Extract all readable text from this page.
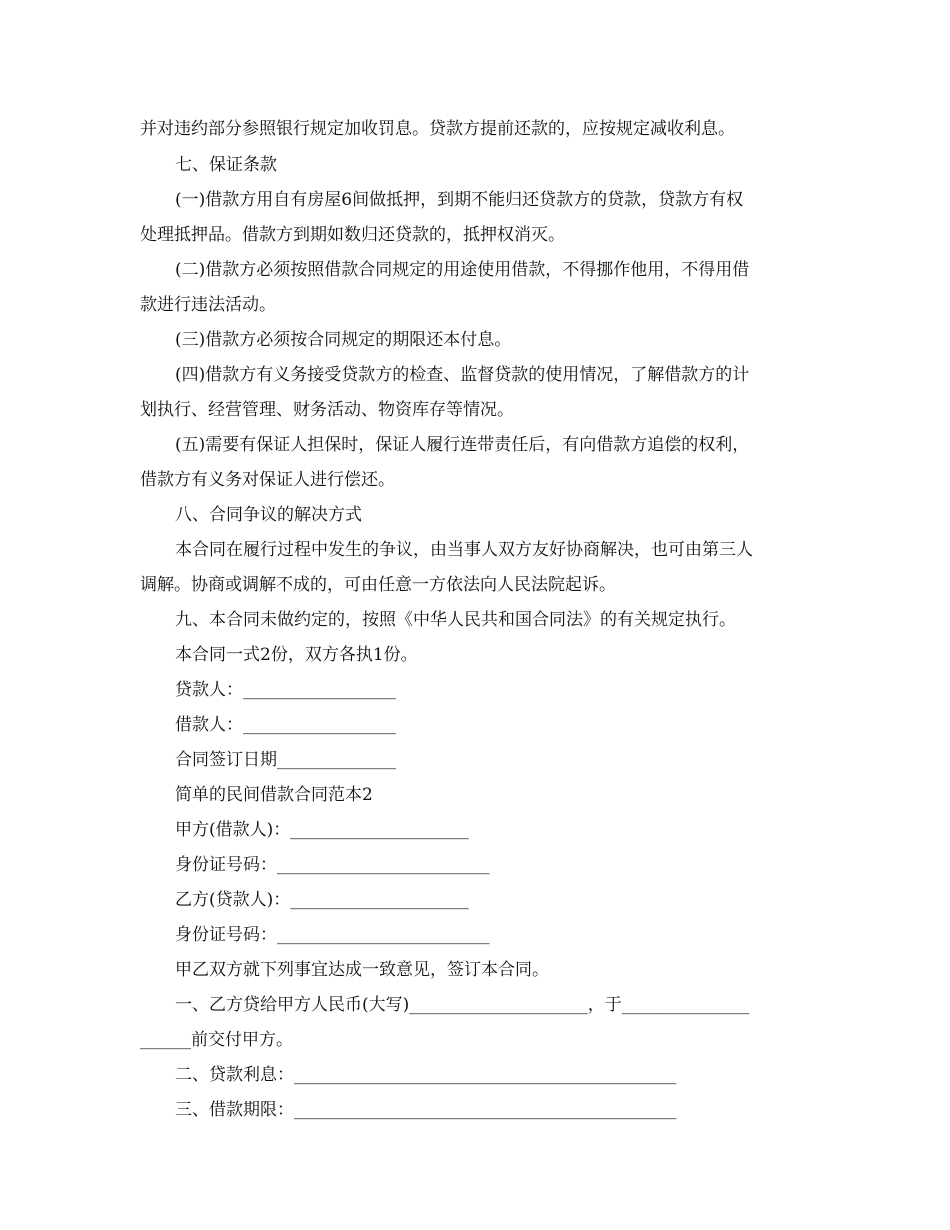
并对违约部分参照银行规定加收罚息。贷款方提前还款的，应按规定减收利息。
七、保证条款
(一)借款方用自有房屋6间做抵押，到期不能归还贷款方的贷款，贷款方有权
处理抵押品。借款方到期如数归还贷款的，抵押权消灭。
(二)借款方必须按照借款合同规定的用途使用借款，不得挪作他用，不得用借
款进行违法活动。
(三)借款方必须按合同规定的期限还本付息。
(四)借款方有义务接受贷款方的检查、监督贷款的使用情况，了解借款方的计
划执行、经营管理、财务活动、物资库存等情况。
(五)需要有保证人担保时，保证人履行连带责任后，有向借款方追偿的权利，
借款方有义务对保证人进行偿还。
八、合同争议的解决方式
本合同在履行过程中发生的争议，由当事人双方友好协商解决，也可由第三人
调解。协商或调解不成的，可由任意一方依法向人民法院起诉。
九、本合同未做约定的，按照《中华人民共和国合同法》的有关规定执行。
本合同一式2份，双方各执1份。
贷款人：__________________
借款人：__________________
合同签订日期______________
简单的民间借款合同范本2
甲方(借款人)：_____________________
身份证号码：_________________________
乙方(贷款人)：_____________________
身份证号码：_________________________
甲乙双方就下列事宜达成一致意见，签订本合同。
一、乙方贷给甲方人民币(大写)_____________________，于_______________
______前交付甲方。
二、贷款利息：_____________________________________________
三、借款期限：_____________________________________________
